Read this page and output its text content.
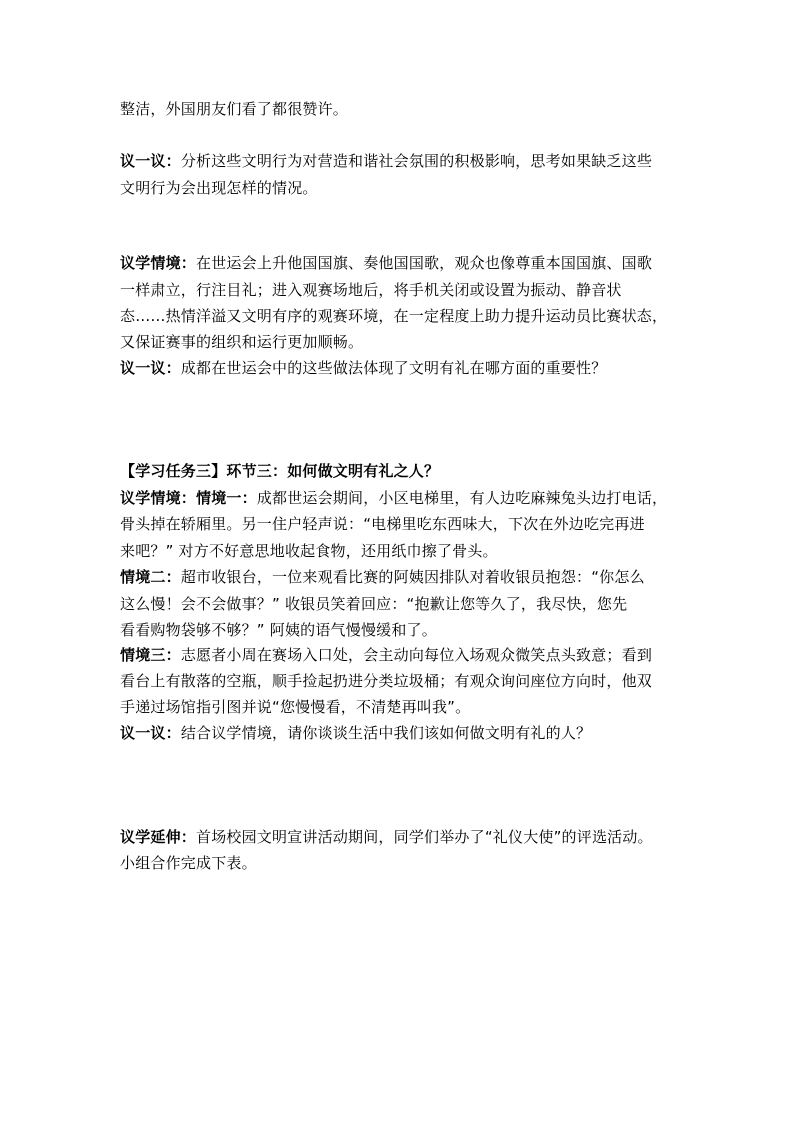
整洁，外国朋友们看了都很赞许。
议一议：分析这些文明行为对营造和谐社会氛围的积极影响，思考如果缺乏这些
文明行为会出现怎样的情况。
议学情境：在世运会上升他国国旗、奏他国国歌，观众也像尊重本国国旗、国歌
一样肃立，行注目礼；进入观赛场地后，将手机关闭或设置为振动、静音状
态……热情洋溢又文明有序的观赛环境，在一定程度上助力提升运动员比赛状态，
又保证赛事的组织和运行更加顺畅。
议一议：成都在世运会中的这些做法体现了文明有礼在哪方面的重要性？
【学习任务三】环节三：如何做文明有礼之人？
议学情境：情境一：成都世运会期间，小区电梯里，有人边吃麻辣兔头边打电话，
骨头掉在轿厢里。另一住户轻声说：“电梯里吃东西味大，下次在外边吃完再进
来吧？” 对方不好意思地收起食物，还用纸巾擦了骨头。
情境二：超市收银台，一位来观看比赛的阿姨因排队对着收银员抱怨：“你怎么
这么慢！会不会做事？” 收银员笑着回应：“抱歉让您等久了，我尽快，您先
看看购物袋够不够？” 阿姨的语气慢慢缓和了。
情境三：志愿者小周在赛场入口处，会主动向每位入场观众微笑点头致意；看到
看台上有散落的空瓶，顺手捡起扔进分类垃圾桶；有观众询问座位方向时，他双
手递过场馆指引图并说“您慢慢看，不清楚再叫我”。
议一议：结合议学情境，请你谈谈生活中我们该如何做文明有礼的人？
议学延伸：首场校园文明宣讲活动期间，同学们举办了“礼仪大使”的评选活动。
小组合作完成下表。
